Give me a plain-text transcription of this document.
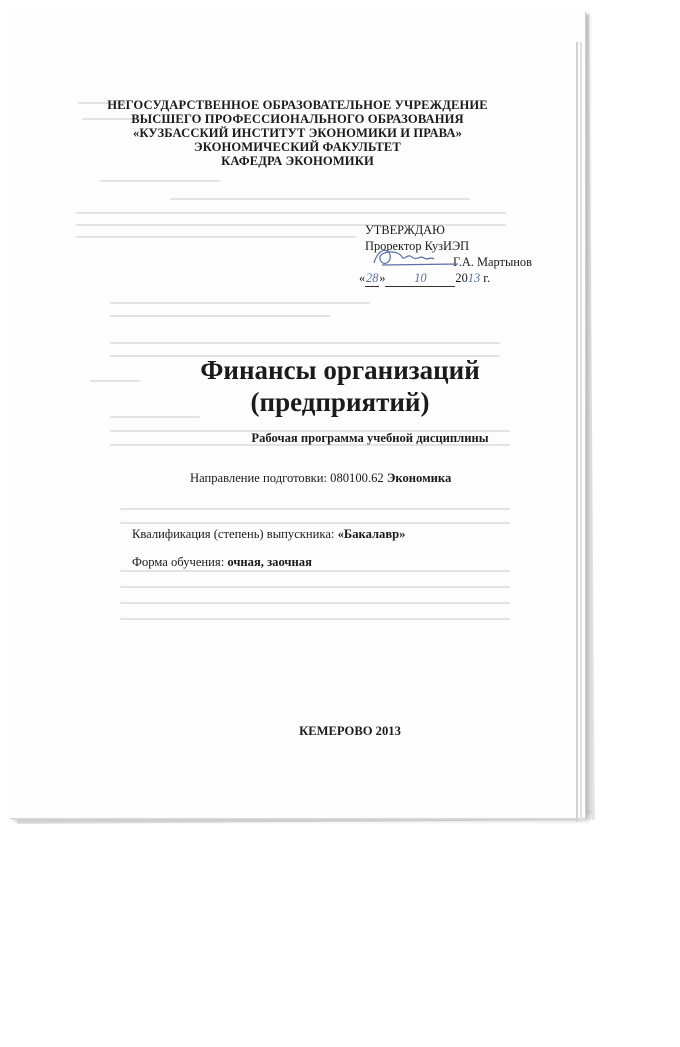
НЕГОСУДАРСТВЕННОЕ ОБРАЗОВАТЕЛЬНОЕ УЧРЕЖДЕНИЕ
ВЫСШЕГО ПРОФЕССИОНАЛЬНОГО ОБРАЗОВАНИЯ
«КУЗБАССКИЙ ИНСТИТУТ ЭКОНОМИКИ И ПРАВА»
ЭКОНОМИЧЕСКИЙ ФАКУЛЬТЕТ
КАФЕДРА ЭКОНОМИКИ
УТВЕРЖДАЮ
Проректор КузИЭП
Г.А. Мартынов
«28» 10 2013 г.
Финансы организаций
(предприятий)
Рабочая программа учебной дисциплины
Направление подготовки: 080100.62 Экономика
Квалификация (степень) выпускника: «Бакалавр»
Форма обучения: очная, заочная
КЕМЕРОВО 2013
